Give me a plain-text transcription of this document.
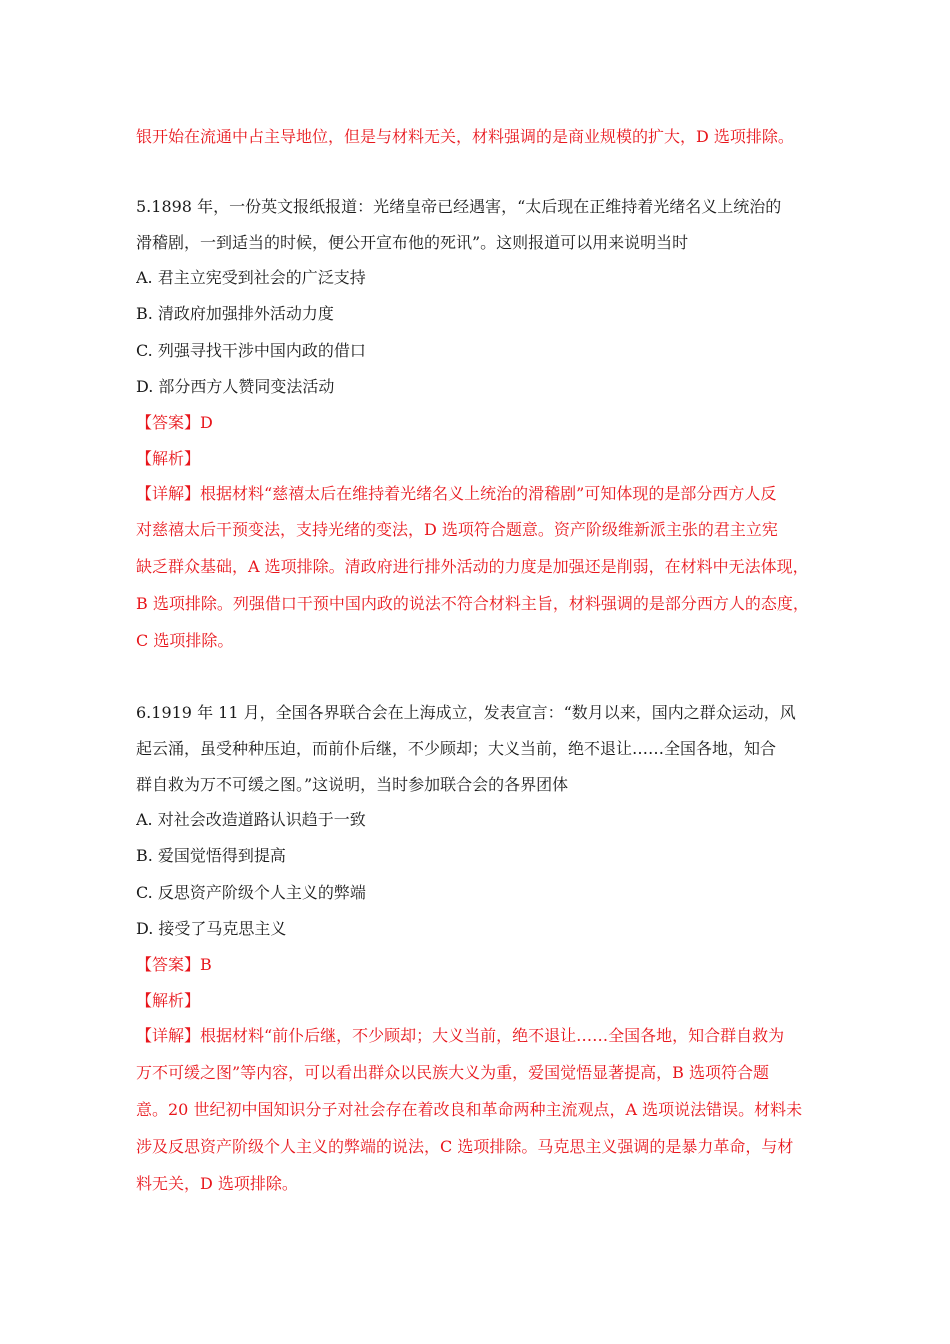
银开始在流通中占主导地位，但是与材料无关，材料强调的是商业规模的扩大，D 选项排除。
5.1898 年，一份英文报纸报道：光绪皇帝已经遇害，“太后现在正维持着光绪名义上统治的
滑稽剧，一到适当的时候，便公开宣布他的死讯”。这则报道可以用来说明当时
A. 君主立宪受到社会的广泛支持
B. 清政府加强排外活动力度
C. 列强寻找干涉中国内政的借口
D. 部分西方人赞同变法活动
【答案】D
【解析】
【详解】根据材料“慈禧太后在维持着光绪名义上统治的滑稽剧”可知体现的是部分西方人反
对慈禧太后干预变法，支持光绪的变法，D 选项符合题意。资产阶级维新派主张的君主立宪
缺乏群众基础，A 选项排除。清政府进行排外活动的力度是加强还是削弱，在材料中无法体现，
B 选项排除。列强借口干预中国内政的说法不符合材料主旨，材料强调的是部分西方人的态度，
C 选项排除。
6.1919 年 11 月，全国各界联合会在上海成立，发表宣言：“数月以来，国内之群众运动，风
起云涌，虽受种种压迫，而前仆后继，不少顾却；大义当前，绝不退让……全国各地，知合
群自救为万不可缓之图。”这说明，当时参加联合会的各界团体
A. 对社会改造道路认识趋于一致
B. 爱国觉悟得到提高
C. 反思资产阶级个人主义的弊端
D. 接受了马克思主义
【答案】B
【解析】
【详解】根据材料“前仆后继，不少顾却；大义当前，绝不退让……全国各地，知合群自救为
万不可缓之图”等内容，可以看出群众以民族大义为重，爱国觉悟显著提高，B 选项符合题
意。20 世纪初中国知识分子对社会存在着改良和革命两种主流观点，A 选项说法错误。材料未
涉及反思资产阶级个人主义的弊端的说法，C 选项排除。马克思主义强调的是暴力革命，与材
料无关，D 选项排除。
